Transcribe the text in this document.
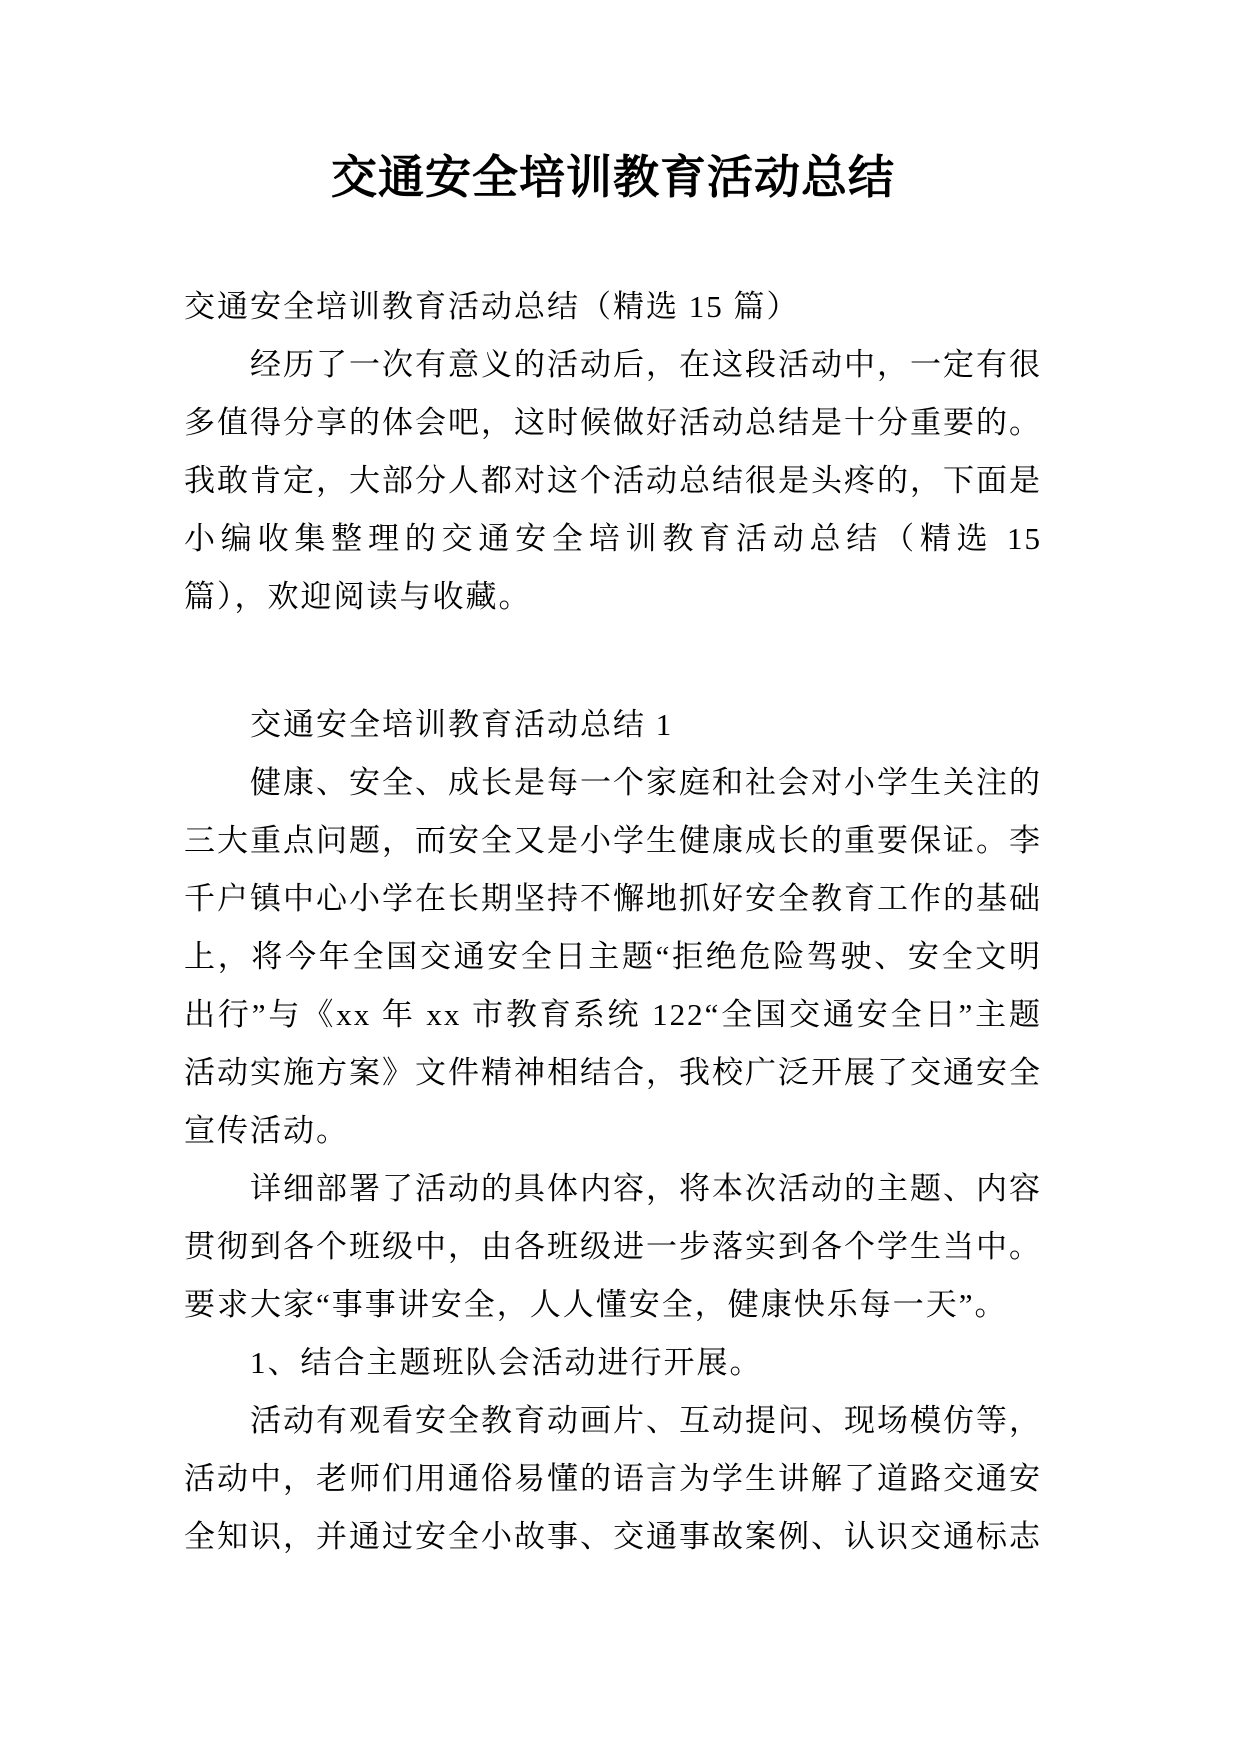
交通安全培训教育活动总结

交通安全培训教育活动总结（精选 15 篇）

经历了一次有意义的活动后，在这段活动中，一定有很多值得分享的体会吧，这时候做好活动总结是十分重要的。我敢肯定，大部分人都对这个活动总结很是头疼的，下面是小编收集整理的交通安全培训教育活动总结（精选 15 篇），欢迎阅读与收藏。

交通安全培训教育活动总结 1

健康、安全、成长是每一个家庭和社会对小学生关注的三大重点问题，而安全又是小学生健康成长的重要保证。李千户镇中心小学在长期坚持不懈地抓好安全教育工作的基础上，将今年全国交通安全日主题“拒绝危险驾驶、安全文明出行”与《xx 年 xx 市教育系统 122“全国交通安全日”主题活动实施方案》文件精神相结合，我校广泛开展了交通安全宣传活动。

详细部署了活动的具体内容，将本次活动的主题、内容贯彻到各个班级中，由各班级进一步落实到各个学生当中。要求大家“事事讲安全，人人懂安全，健康快乐每一天”。

1、结合主题班队会活动进行开展。

活动有观看安全教育动画片、互动提问、现场模仿等，活动中，老师们用通俗易懂的语言为学生讲解了道路交通安全知识，并通过安全小故事、交通事故案例、认识交通标志
